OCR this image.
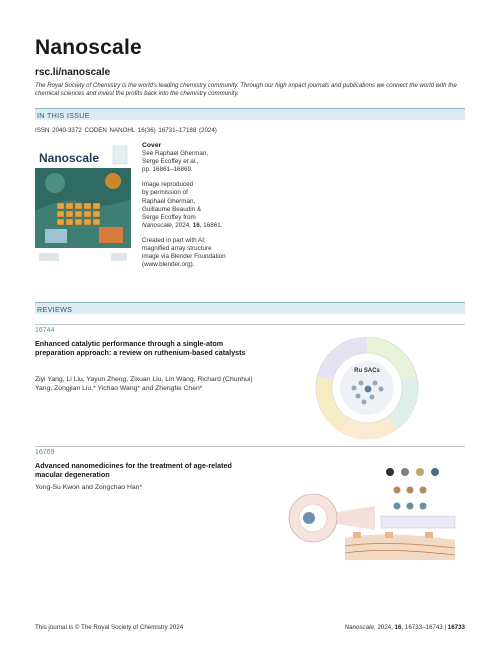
Nanoscale
rsc.li/nanoscale
The Royal Society of Chemistry is the world's leading chemistry community. Through our high impact journals and publications we connect the world with the chemical sciences and invest the profits back into the chemistry community.
IN THIS ISSUE
ISSN 2040-3372 CODEN NANOHL 16(36) 16731–17188 (2024)
Nanoscale

Cover
See Raphael Gherman,
Serge Ecoffey et al.,
pp. 16861–16869.

Image reproduced
by permission of
Raphael Gherman,
Guillaume Beaudin &
Serge Ecoffey from
Nanoscale, 2024, 16, 16861.

Created in part with AI;
magnified array structure
image via Blender Foundation
(www.blender.org).

REVIEWS
16744
Enhanced catalytic performance through a single-atom preparation approach: a review on ruthenium-based catalysts
Ziyi Yang, Li Liu, Yayun Zheng, Zixuan Liu, Lin Wang, Richard (Chunhui) Yang, Zongjian Liu,* Yichao Wang* and Zhengfei Chen*
Ru SACs
16769
Advanced nanomedicines for the treatment of age-related macular degeneration
Yong-Su Kwon and Zongchao Han*
This journal is © The Royal Society of Chemistry 2024	Nanoscale, 2024, 16, 16733–16743 | 16733
